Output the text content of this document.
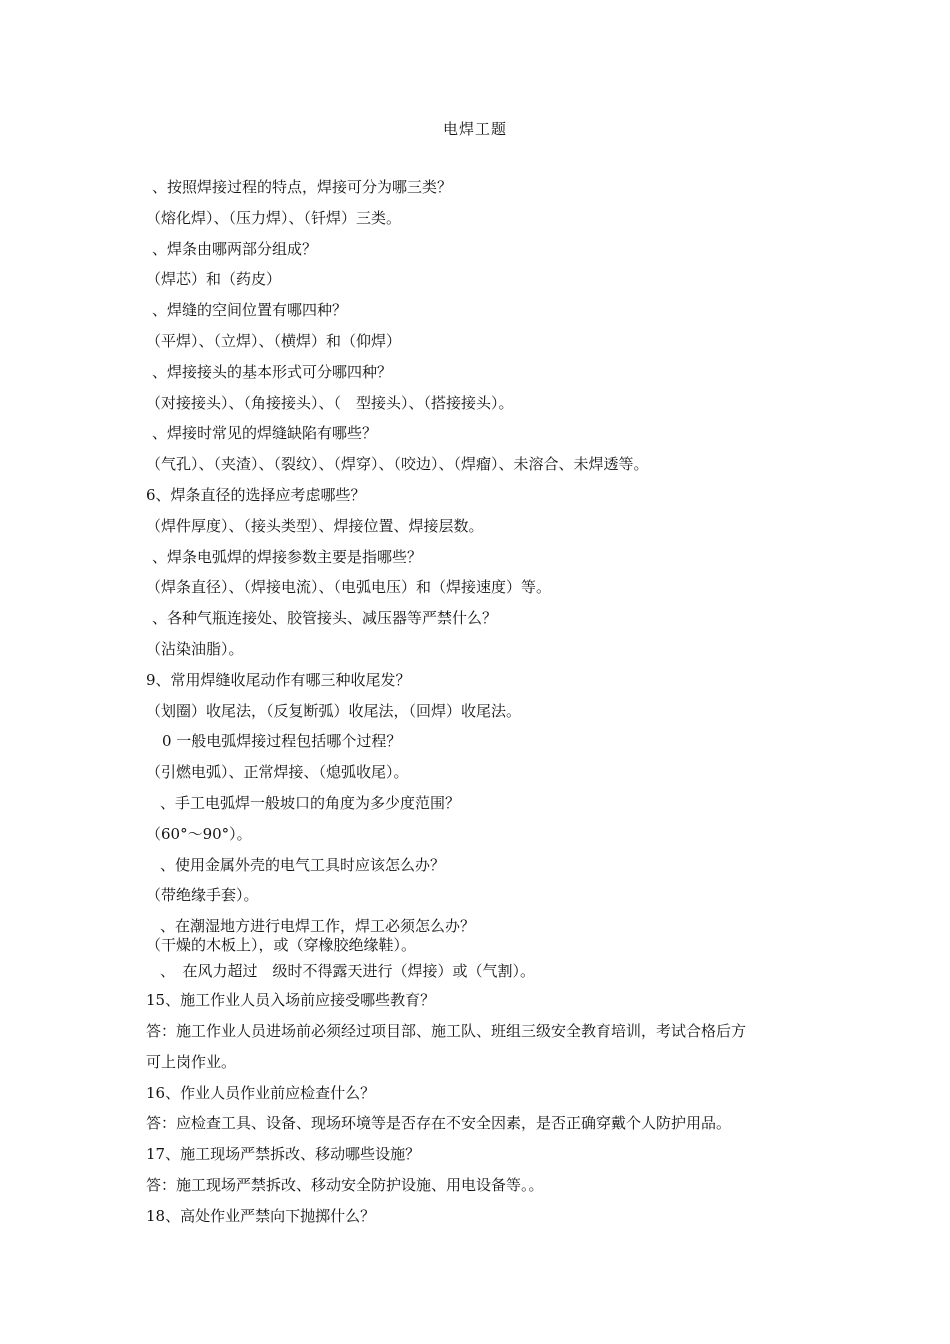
电焊工题
、按照焊接过程的特点，焊接可分为哪三类？
（熔化焊）、（压力焊）、（钎焊）三类。
、焊条由哪两部分组成？
（焊芯）和（药皮）
、焊缝的空间位置有哪四种？
（平焊）、（立焊）、（横焊）和（仰焊）
、焊接接头的基本形式可分哪四种？
（对接接头）、（角接接头）、（　型接头）、（搭接接头）。
、焊接时常见的焊缝缺陷有哪些？
（气孔）、（夹渣）、（裂纹）、（焊穿）、（咬边）、（焊瘤）、未溶合、未焊透等。
6、焊条直径的选择应考虑哪些？
（焊件厚度）、（接头类型）、焊接位置、焊接层数。
、焊条电弧焊的焊接参数主要是指哪些？
（焊条直径）、（焊接电流）、（电弧电压）和（焊接速度）等。
、各种气瓶连接处、胶管接头、减压器等严禁什么？
（沾染油脂）。
9、常用焊缝收尾动作有哪三种收尾发？
（划圈）收尾法，（反复断弧）收尾法，（回焊）收尾法。
0 一般电弧焊接过程包括哪个过程？
（引燃电弧）、正常焊接、（熄弧收尾）。
、手工电弧焊一般坡口的角度为多少度范围？
（60°～90°）。
、使用金属外壳的电气工具时应该怎么办？
（带绝缘手套）。
、在潮湿地方进行电焊工作，焊工必须怎么办？
（干燥的木板上），或（穿橡胶绝缘鞋）。
、　在风力超过　级时不得露天进行（焊接）或（气割）。
15、施工作业人员入场前应接受哪些教育？
答：施工作业人员进场前必须经过项目部、施工队、班组三级安全教育培训，考试合格后方
可上岗作业。
16、作业人员作业前应检查什么？
答：应检查工具、设备、现场环境等是否存在不安全因素，是否正确穿戴个人防护用品。
17、施工现场严禁拆改、移动哪些设施？
答：施工现场严禁拆改、移动安全防护设施、用电设备等。。
18、高处作业严禁向下抛掷什么？
